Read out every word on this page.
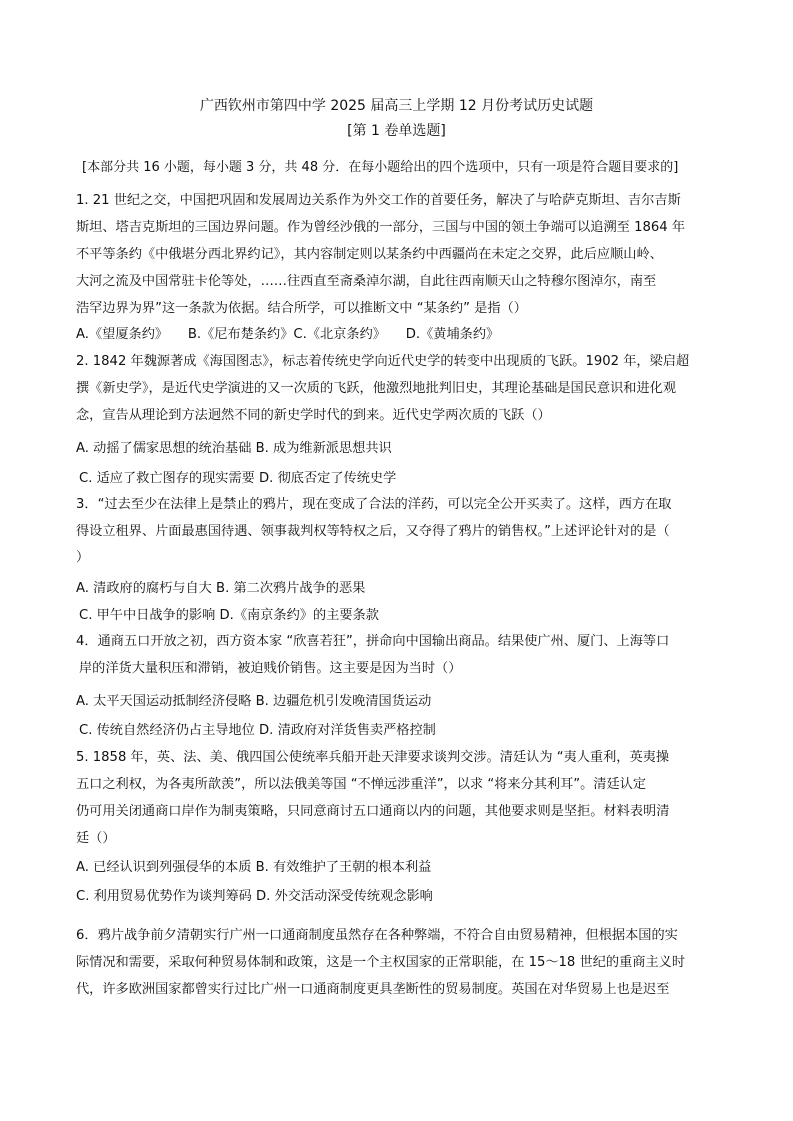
广西钦州市第四中学 2025 届高三上学期 12 月份考试历史试题
[第 1 卷单选题]
[本部分共 16 小题，每小题 3 分，共 48 分．在每小题给出的四个选项中，只有一项是符合题目要求的]
1. 21 世纪之交，中国把巩固和发展周边关系作为外交工作的首要任务，解决了与哈萨克斯坦、吉尔吉斯
斯坦、塔吉克斯坦的三国边界问题。作为曾经沙俄的一部分，三国与中国的领土争端可以追溯至 1864 年
不平等条约《中俄堪分西北界约记》，其内容制定则以某条约中西疆尚在未定之交界，此后应顺山岭、
大河之流及中国常驻卡伦等处，……往西直至斋桑淖尔湖，自此往西南顺天山之特穆尔图淖尔，南至
浩罕边界为界”这一条款为依据。结合所学，可以推断文中 “某条约” 是指（）
A.《望厦条约》　　B.《尼布楚条约》C.《北京条约》　　D.《黄埔条约》
2. 1842 年魏源著成《海国图志》，标志着传统史学向近代史学的转变中出现质的飞跃。1902 年，梁启超
撰《新史学》，是近代史学演进的又一次质的飞跃，他激烈地批判旧史，其理论基础是国民意识和进化观
念，宣告从理论到方法迥然不同的新史学时代的到来。近代史学两次质的飞跃（）
A. 动摇了儒家思想的统治基础 B. 成为维新派思想共识
C. 适应了救亡图存的现实需要 D. 彻底否定了传统史学
3．“过去至少在法律上是禁止的鸦片，现在变成了合法的洋药，可以完全公开买卖了。这样，西方在取
得设立租界、片面最惠国待遇、领事裁判权等特权之后，又夺得了鸦片的销售权。”上述评论针对的是（
）
A. 清政府的腐朽与自大 B. 第二次鸦片战争的恶果
C. 甲午中日战争的影响 D.《南京条约》的主要条款
4．通商五口开放之初，西方资本家 “欣喜若狂”，拼命向中国输出商品。结果使广州、厦门、上海等口
岸的洋货大量积压和滞销，被迫贱价销售。这主要是因为当时（）
A. 太平天国运动抵制经济侵略 B. 边疆危机引发晚清国货运动
C. 传统自然经济仍占主导地位 D. 清政府对洋货售卖严格控制
5. 1858 年，英、法、美、俄四国公使统率兵船开赴天津要求谈判交涉。清廷认为 “夷人重利，英夷操
五口之利权，为各夷所歆羡”，所以法俄美等国 “不惮远涉重洋”，以求 “将来分其利耳”。清廷认定
仍可用关闭通商口岸作为制夷策略，只同意商讨五口通商以内的问题，其他要求则是坚拒。材料表明清
廷（）
A. 已经认识到列强侵华的本质 B. 有效维护了王朝的根本利益
C. 利用贸易优势作为谈判筹码 D. 外交活动深受传统观念影响
6．鸦片战争前夕清朝实行广州一口通商制度虽然存在各种弊端，不符合自由贸易精神，但根据本国的实
际情况和需要，采取何种贸易体制和政策，这是一个主权国家的正常职能，在 15～18 世纪的重商主义时
代，许多欧洲国家都曾实行过比广州一口通商制度更具垄断性的贸易制度。英国在对华贸易上也是迟至
